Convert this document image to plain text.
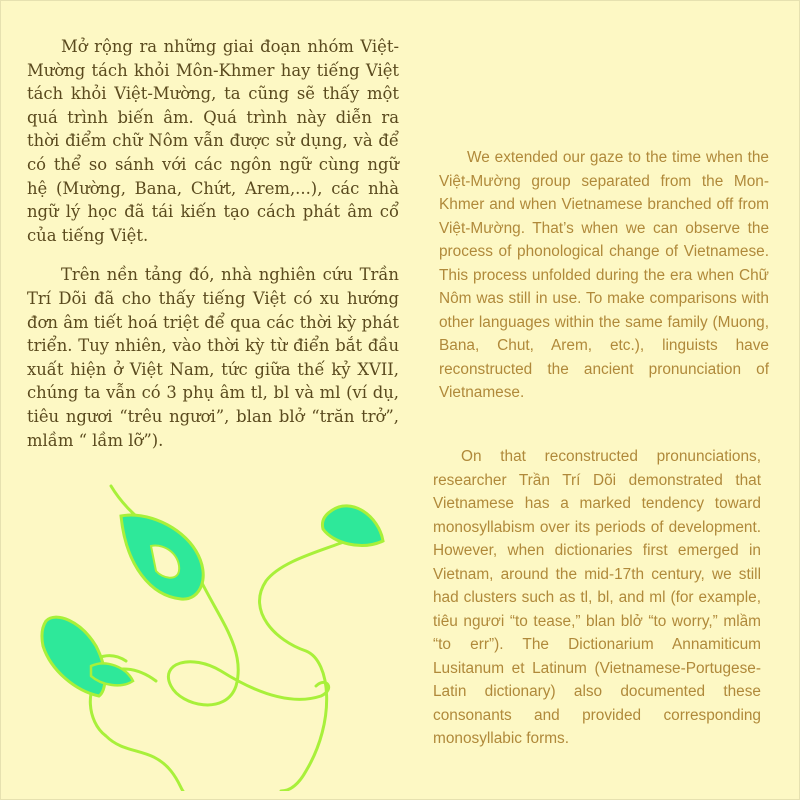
Mở rộng ra những giai đoạn nhóm Việt-Mường tách khỏi Môn-Khmer hay tiếng Việt tách khỏi Việt-Mường, ta cũng sẽ thấy một quá trình biến âm. Quá trình này diễn ra thời điểm chữ Nôm vẫn được sử dụng, và để có thể so sánh với các ngôn ngữ cùng ngữ hệ (Mường, Bana, Chứt, Arem,...), các nhà ngữ lý học đã tái kiến tạo cách phát âm cổ của tiếng Việt.

Trên nền tảng đó, nhà nghiên cứu Trần Trí Dõi đã cho thấy tiếng Việt có xu hướng đơn âm tiết hoá triệt để qua các thời kỳ phát triển. Tuy nhiên, vào thời kỳ từ điển bắt đầu xuất hiện ở Việt Nam, tức giữa thế kỷ XVII, chúng ta vẫn có 3 phụ âm tl, bl và ml (ví dụ, tiêu ngươi “trêu ngươi”, blan blở “trăn trở”, mlầm “ lầm lỡ”).

We extended our gaze to the time when the Việt-Mường group separated from the Mon-Khmer and when Vietnamese branched off from Việt-Mường. That’s when we can observe the process of phonological change of Vietnamese. This process unfolded during the era when Chữ Nôm was still in use. To make comparisons with other languages within the same family (Muong, Bana, Chut, Arem, etc.), linguists have reconstructed the ancient pronunciation of Vietnamese.

On that reconstructed pronunciations, researcher Trần Trí Dõi demonstrated that Vietnamese has a marked tendency toward monosyllabism over its periods of development. However, when dictionaries first emerged in Vietnam, around the mid-17th century, we still had clusters such as tl, bl, and ml (for example, tiêu ngươi “to tease,” blan blở “to worry,” mlầm “to err”). The Dictionarium Annamiticum Lusitanum et Latinum (Vietnamese-Portugese-Latin dictionary) also documented these consonants and provided corresponding monosyllabic forms.
